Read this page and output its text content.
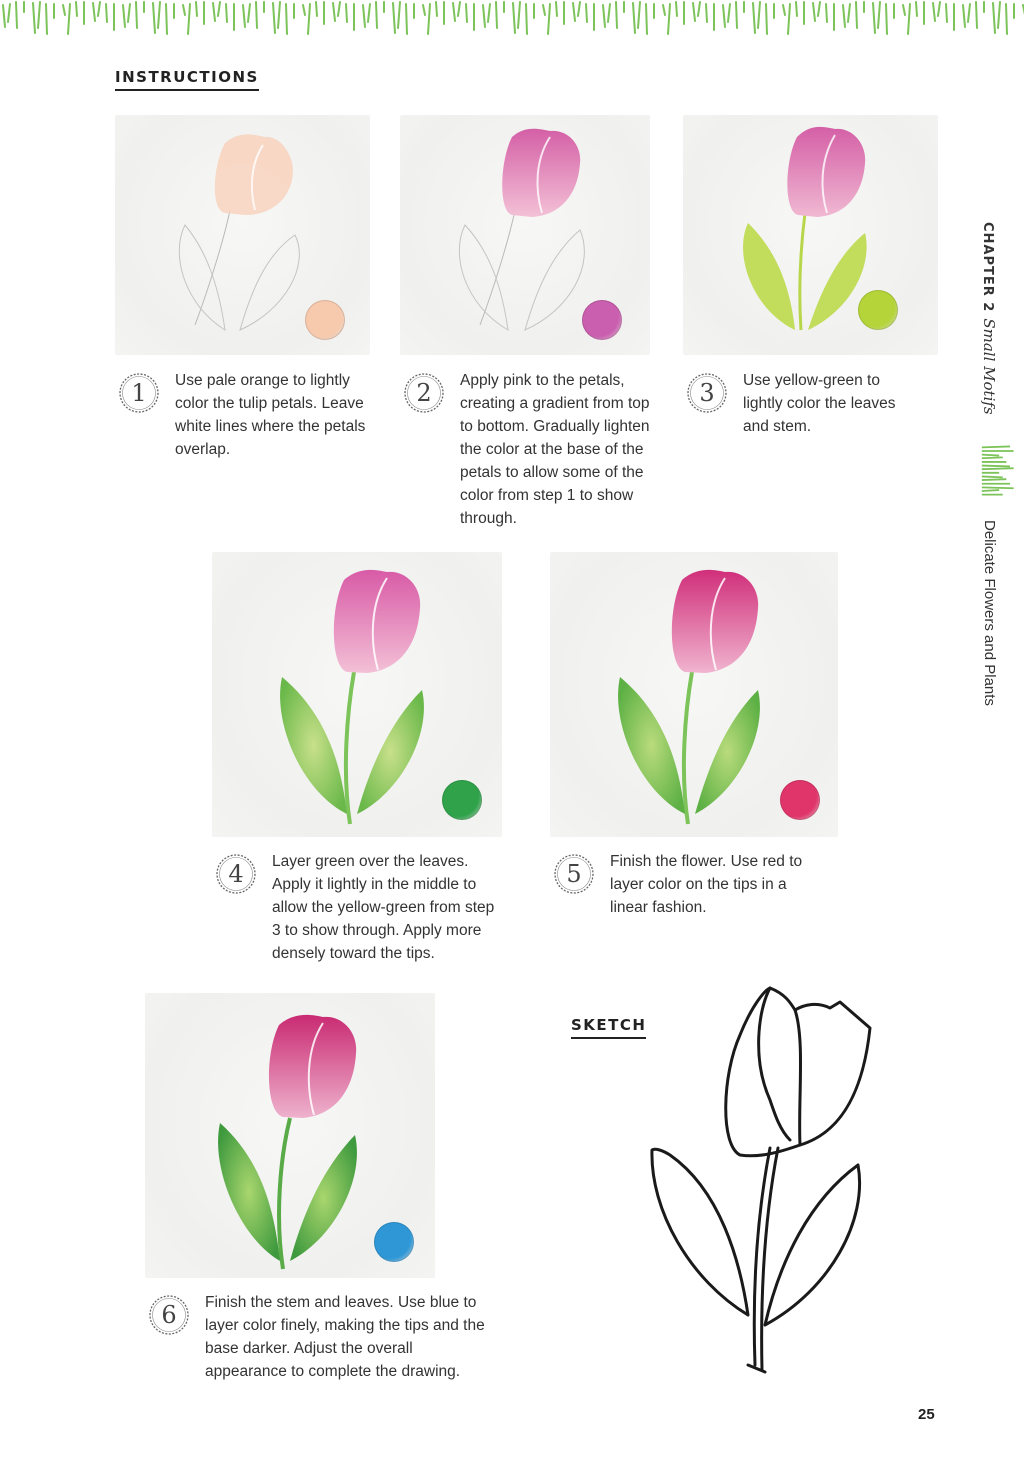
INSTRUCTIONS
1	Use pale orange to lightly color the tulip petals. Leave white lines where the petals overlap.
2	Apply pink to the petals, creating a gradient from top to bottom. Gradually lighten the color at the base of the petals to allow some of the color from step 1 to show through.
3	Use yellow-green to lightly color the leaves and stem.
4	Layer green over the leaves. Apply it lightly in the middle to allow the yellow-green from step 3 to show through. Apply more densely toward the tips.
5	Finish the flower. Use red to layer color on the tips in a linear fashion.
6	Finish the stem and leaves. Use blue to layer color finely, making the tips and the base darker. Adjust the overall appearance to complete the drawing.
SKETCH
CHAPTER 2Small Motifs
Delicate Flowers and Plants
25
